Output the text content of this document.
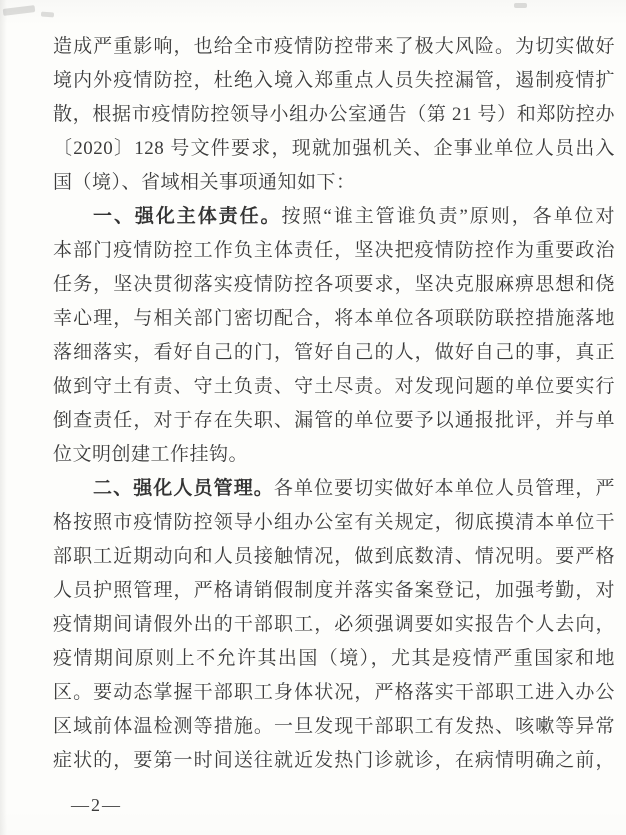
造成严重影响，也给全市疫情防控带来了极大风险。为切实做好
境内外疫情防控，杜绝入境入郑重点人员失控漏管，遏制疫情扩
散，根据市疫情防控领导小组办公室通告（第 21 号）和郑防控办
〔2020〕128 号文件要求，现就加强机关、企事业单位人员出入
国（境）、省域相关事项通知如下：
一、强化主体责任。按照“谁主管谁负责”原则，各单位对
本部门疫情防控工作负主体责任，坚决把疫情防控作为重要政治
任务，坚决贯彻落实疫情防控各项要求，坚决克服麻痹思想和侥
幸心理，与相关部门密切配合，将本单位各项联防联控措施落地
落细落实，看好自己的门，管好自己的人，做好自己的事，真正
做到守土有责、守土负责、守土尽责。对发现问题的单位要实行
倒查责任，对于存在失职、漏管的单位要予以通报批评，并与单
位文明创建工作挂钩。
二、强化人员管理。各单位要切实做好本单位人员管理，严
格按照市疫情防控领导小组办公室有关规定，彻底摸清本单位干
部职工近期动向和人员接触情况，做到底数清、情况明。要严格
人员护照管理，严格请销假制度并落实备案登记，加强考勤，对
疫情期间请假外出的干部职工，必须强调要如实报告个人去向，
疫情期间原则上不允许其出国（境），尤其是疫情严重国家和地
区。要动态掌握干部职工身体状况，严格落实干部职工进入办公
区域前体温检测等措施。一旦发现干部职工有发热、咳嗽等异常
症状的，要第一时间送往就近发热门诊就诊，在病情明确之前，
—2—
